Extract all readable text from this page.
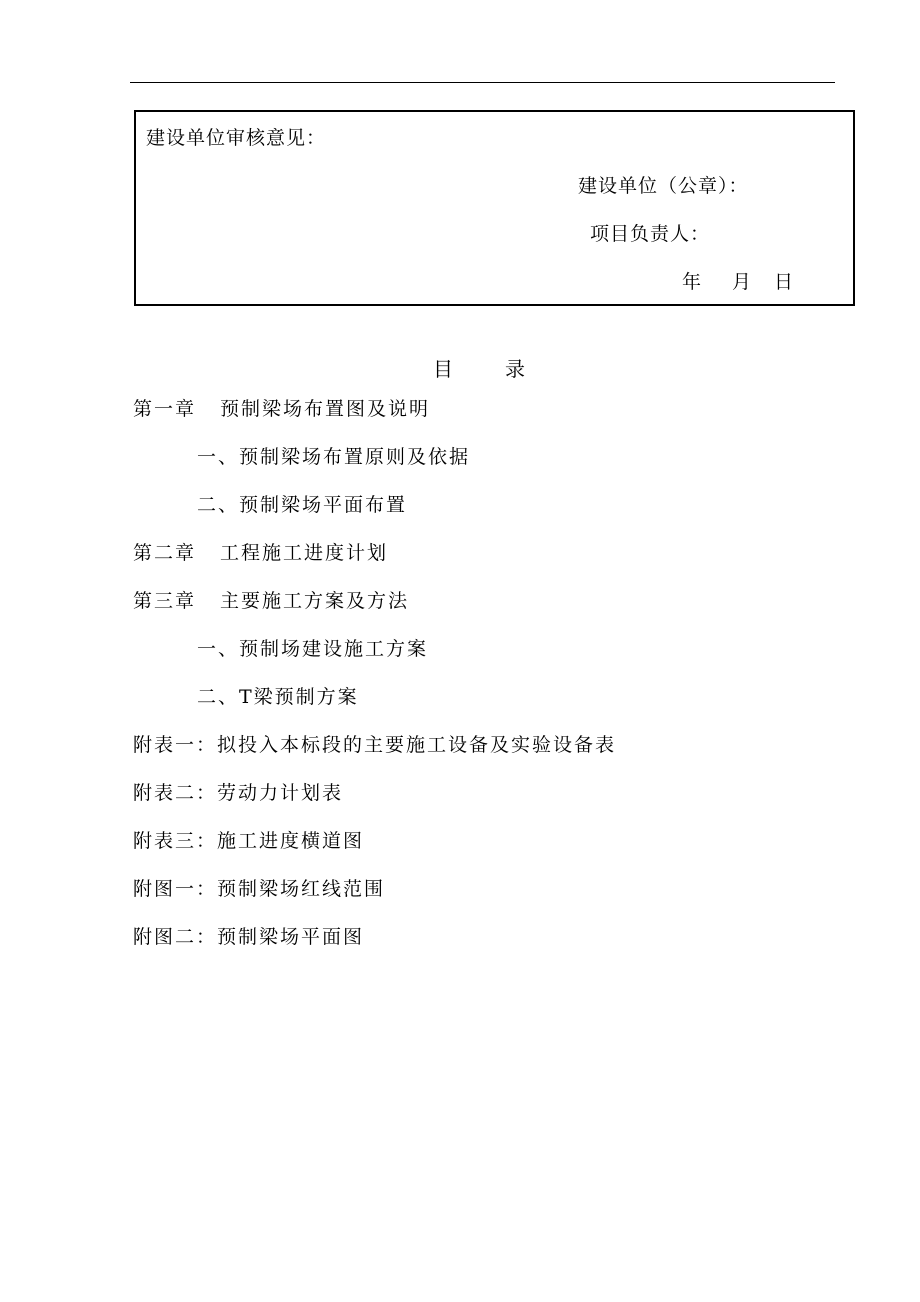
建设单位审核意见：
建设单位（公章）：
项目负责人：
年 月 日
目	录
第一章 预制梁场布置图及说明
一、预制梁场布置原则及依据
二、预制梁场平面布置
第二章 工程施工进度计划
第三章 主要施工方案及方法
一、预制场建设施工方案
二、T梁预制方案
附表一：拟投入本标段的主要施工设备及实验设备表
附表二：劳动力计划表
附表三：施工进度横道图
附图一：预制梁场红线范围
附图二：预制梁场平面图
